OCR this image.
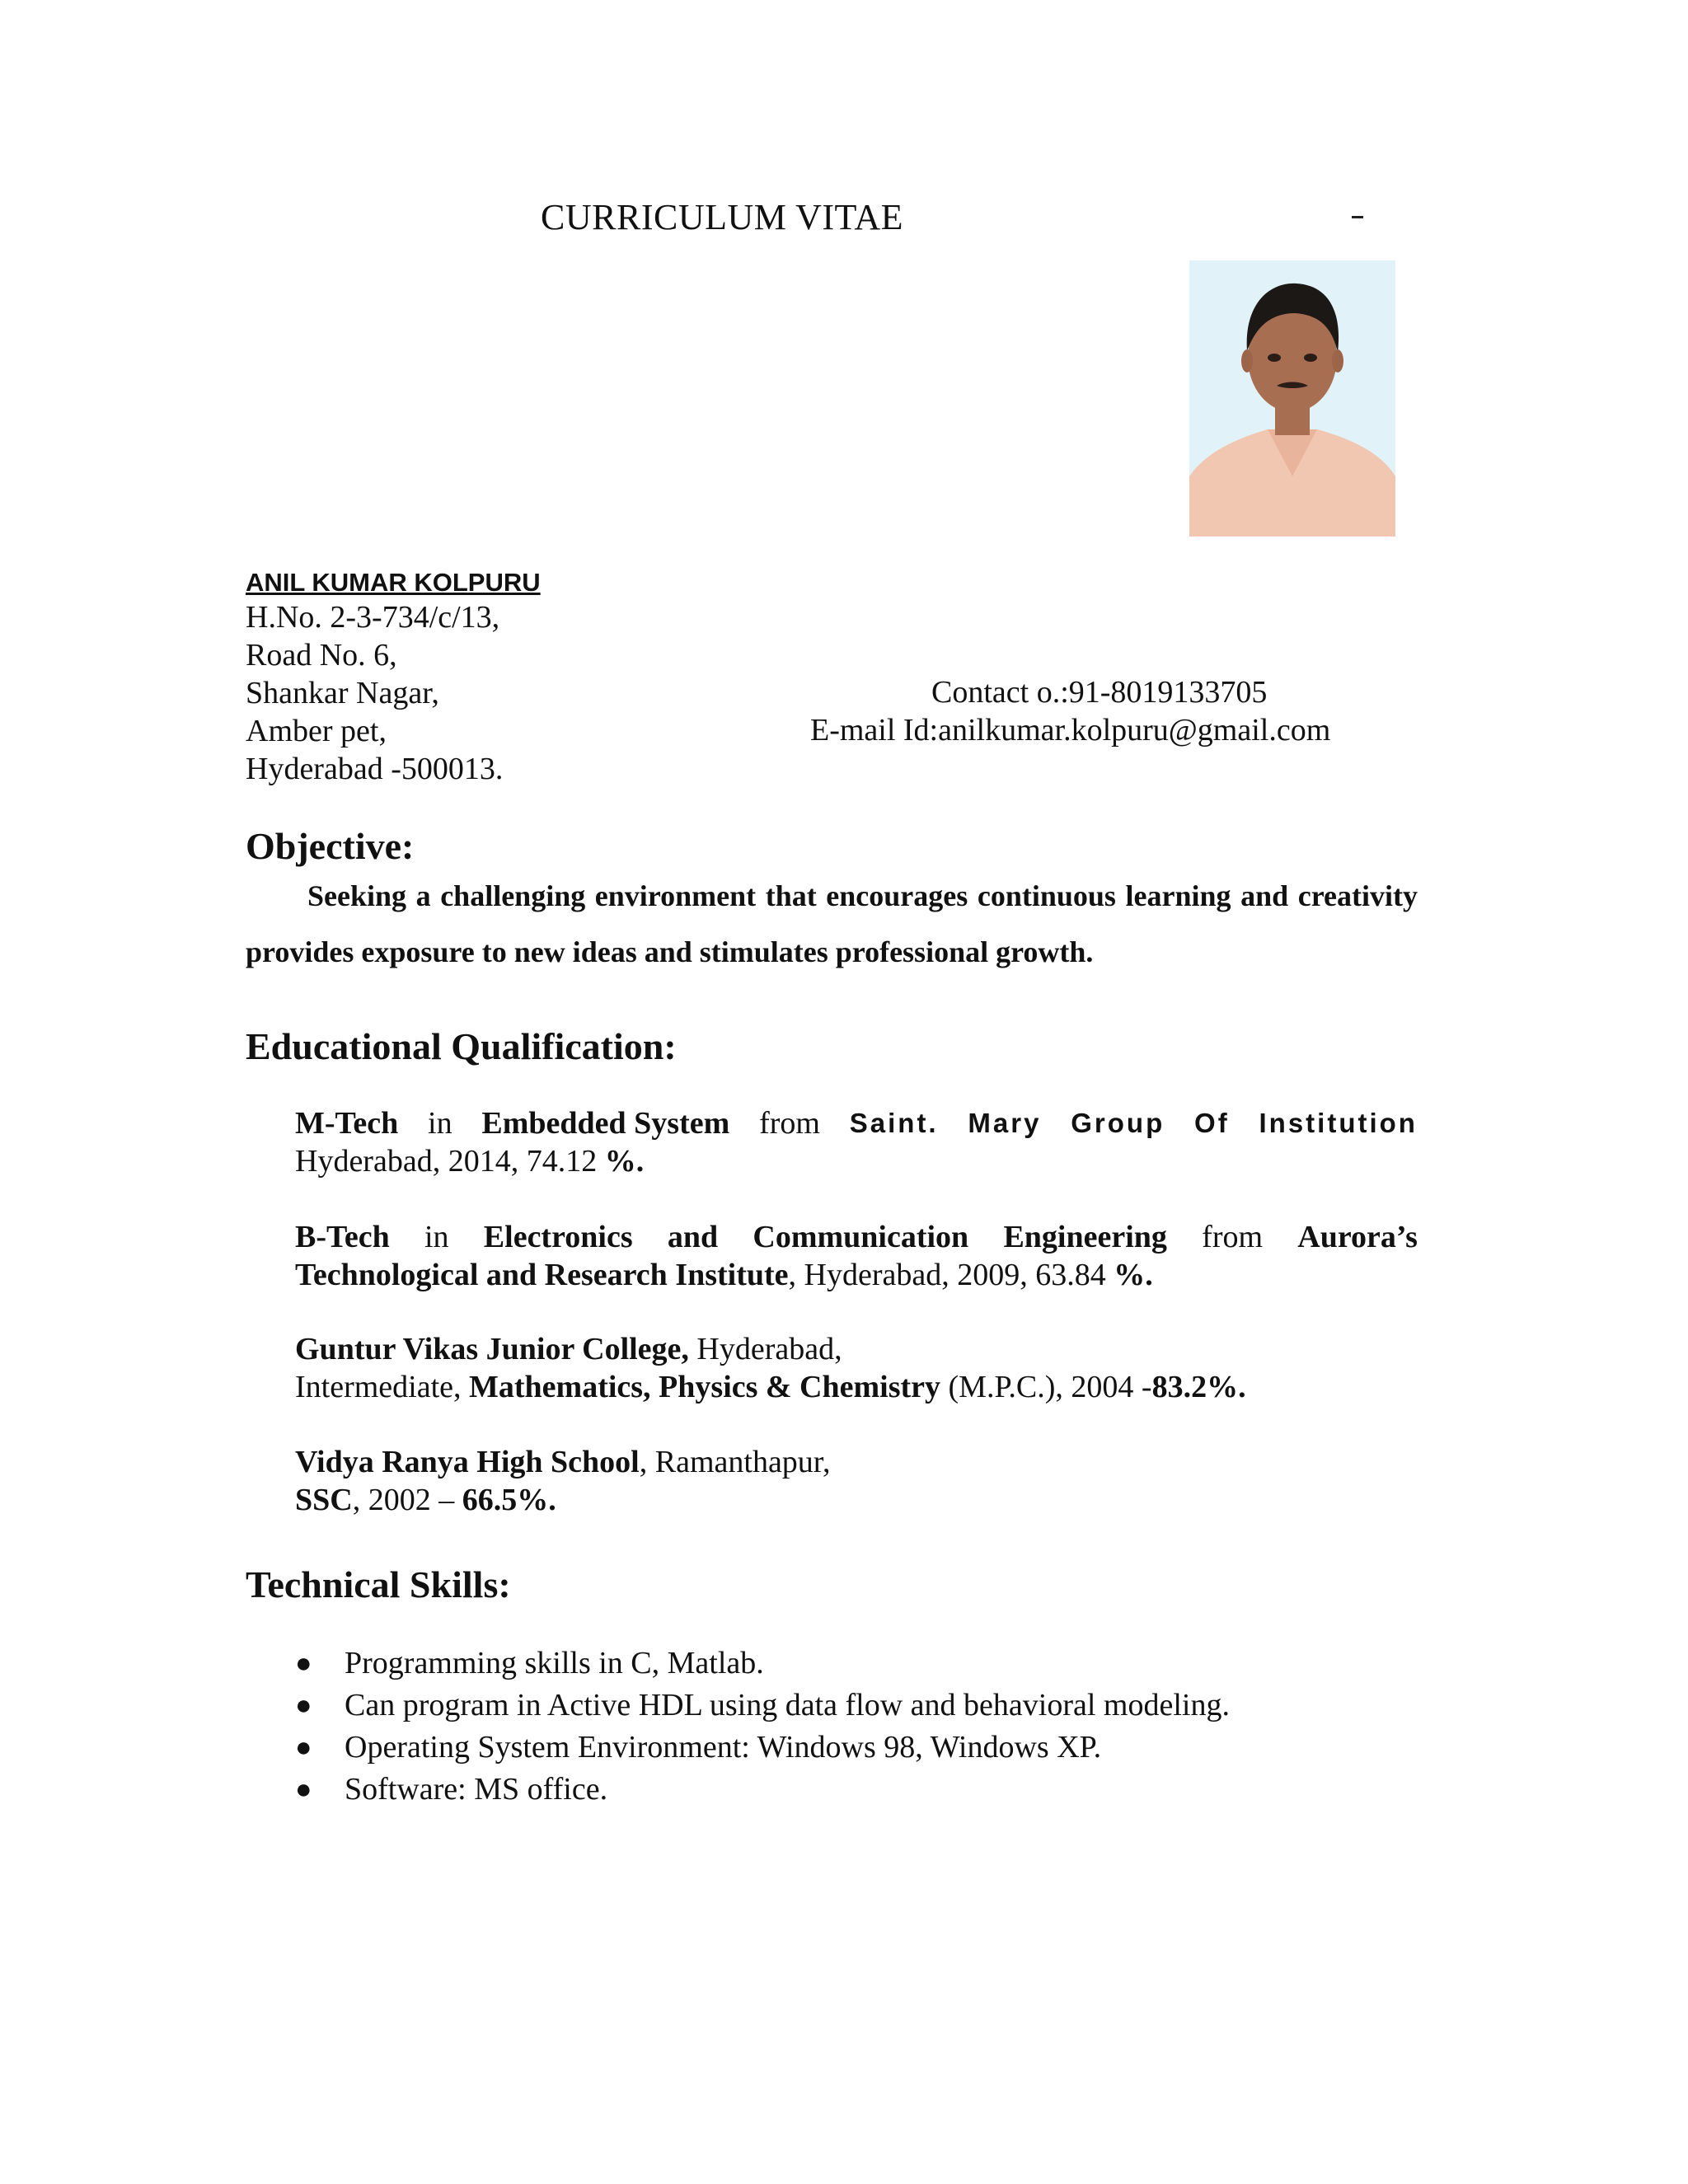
CURRICULUM VITAE
ANIL KUMAR KOLPURU
H.No. 2-3-734/c/13,
Road No. 6,
Shankar Nagar,
Amber pet,
Hyderabad -500013.
Contact o.:91-8019133705
E-mail Id:anilkumar.kolpuru@gmail.com
Objective:
Seeking a challenging environment that encourages continuous learning and creativity provides exposure to new ideas and stimulates professional growth.
Educational Qualification:
M-Tech in Embedded System from Saint. Mary Group Of Institution
Hyderabad, 2014, 74.12 %.
B-Tech in Electronics and Communication Engineering from Aurora’s
Technological and Research Institute, Hyderabad, 2009, 63.84 %.
Guntur Vikas Junior College, Hyderabad,
Intermediate, Mathematics, Physics & Chemistry (M.P.C.), 2004 -83.2%.
Vidya Ranya High School, Ramanthapur,
SSC, 2002 – 66.5%.
Technical Skills:
●	Programming skills in C, Matlab.
●	Can program in Active HDL using data flow and behavioral modeling.
●	Operating System Environment: Windows 98, Windows XP.
●	Software: MS office.
